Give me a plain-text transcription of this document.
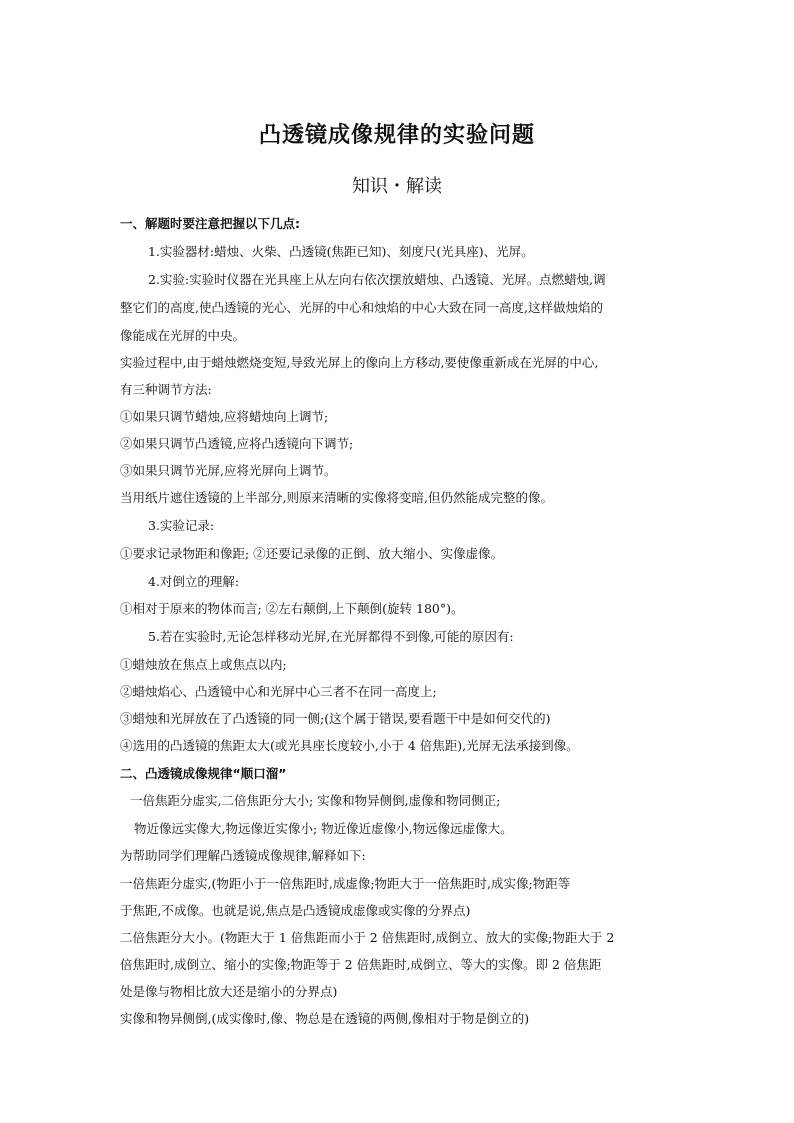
凸透镜成像规律的实验问题
知识・解读
一、解题时要注意把握以下几点:
1.实验器材:蜡烛、火柴、凸透镜(焦距已知)、刻度尺(光具座)、光屏。
2.实验:实验时仪器在光具座上从左向右依次摆放蜡烛、凸透镜、光屏。点燃蜡烛,调
整它们的高度,使凸透镜的光心、光屏的中心和烛焰的中心大致在同一高度,这样做烛焰的
像能成在光屏的中央。
实验过程中,由于蜡烛燃烧变短,导致光屏上的像向上方移动,要使像重新成在光屏的中心,
有三种调节方法:
①如果只调节蜡烛,应将蜡烛向上调节;
②如果只调节凸透镜,应将凸透镜向下调节;
③如果只调节光屏,应将光屏向上调节。
当用纸片遮住透镜的上半部分,则原来清晰的实像将变暗,但仍然能成完整的像。
3.实验记录:
①要求记录物距和像距; ②还要记录像的正倒、放大缩小、实像虚像。
4.对倒立的理解:
①相对于原来的物体而言; ②左右颠倒,上下颠倒(旋转 180°)。
5.若在实验时,无论怎样移动光屏,在光屏都得不到像,可能的原因有:
①蜡烛放在焦点上或焦点以内;
②蜡烛焰心、凸透镜中心和光屏中心三者不在同一高度上;
③蜡烛和光屏放在了凸透镜的同一侧;(这个属于错误,要看题干中是如何交代的)
④选用的凸透镜的焦距太大(或光具座长度较小,小于 4 倍焦距),光屏无法承接到像。
二、凸透镜成像规律“顺口溜”
一倍焦距分虚实,二倍焦距分大小; 实像和物异侧倒,虚像和物同侧正;
物近像远实像大,物远像近实像小; 物近像近虚像小,物远像远虚像大。
为帮助同学们理解凸透镜成像规律,解释如下:
一倍焦距分虚实,(物距小于一倍焦距时,成虚像;物距大于一倍焦距时,成实像;物距等
于焦距,不成像。也就是说,焦点是凸透镜成虚像或实像的分界点)
二倍焦距分大小。(物距大于 1 倍焦距而小于 2 倍焦距时,成倒立、放大的实像;物距大于 2
倍焦距时,成倒立、缩小的实像;物距等于 2 倍焦距时,成倒立、等大的实像。即 2 倍焦距
处是像与物相比放大还是缩小的分界点)
实像和物异侧倒,(成实像时,像、物总是在透镜的两侧,像相对于物是倒立的)
